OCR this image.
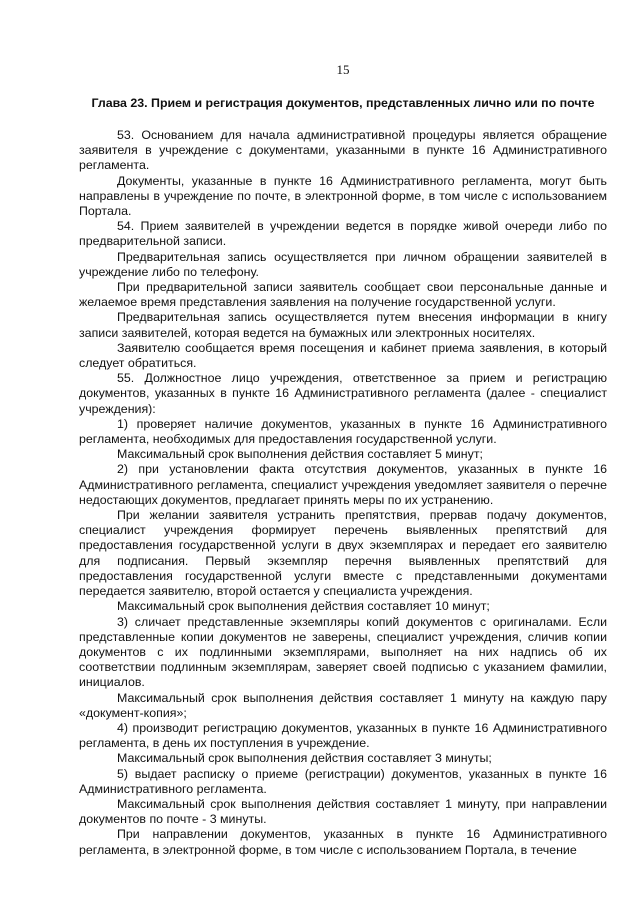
15
Глава 23. Прием и регистрация документов, представленных лично или по почте

53. Основанием для начала административной процедуры является обращение заявителя в учреждение с документами, указанными в пункте 16 Административного регламента.

Документы, указанные в пункте 16 Административного регламента, могут быть направлены в учреждение по почте, в электронной форме, в том числе с использованием Портала.

54. Прием заявителей в учреждении ведется в порядке живой очереди либо по предварительной записи.

Предварительная запись осуществляется при личном обращении заявителей в учреждение либо по телефону.

При предварительной записи заявитель сообщает свои персональные данные и желаемое время представления заявления на получение государственной услуги.

Предварительная запись осуществляется путем внесения информации в книгу записи заявителей, которая ведется на бумажных или электронных носителях.

Заявителю сообщается время посещения и кабинет приема заявления, в который следует обратиться.

55. Должностное лицо учреждения, ответственное за прием и регистрацию документов, указанных в пункте 16 Административного регламента (далее - специалист учреждения):

1) проверяет наличие документов, указанных в пункте 16 Административного регламента, необходимых для предоставления государственной услуги.

Максимальный срок выполнения действия составляет 5 минут;

2) при установлении факта отсутствия документов, указанных в пункте 16 Административного регламента, специалист учреждения уведомляет заявителя о перечне недостающих документов, предлагает принять меры по их устранению.

При желании заявителя устранить препятствия, прервав подачу документов, специалист учреждения формирует перечень выявленных препятствий для предоставления государственной услуги в двух экземплярах и передает его заявителю для подписания. Первый экземпляр перечня выявленных препятствий для предоставления государственной услуги вместе с представленными документами передается заявителю, второй остается у специалиста учреждения.

Максимальный срок выполнения действия составляет 10 минут;

3) сличает представленные экземпляры копий документов с оригиналами. Если представленные копии документов не заверены, специалист учреждения, сличив копии документов с их подлинными экземплярами, выполняет на них надпись об их соответствии подлинным экземплярам, заверяет своей подписью с указанием фамилии, инициалов.

Максимальный срок выполнения действия составляет 1 минуту на каждую пару «документ-копия»;

4) производит регистрацию документов, указанных в пункте 16 Административного регламента, в день их поступления в учреждение.

Максимальный срок выполнения действия составляет 3 минуты;

5) выдает расписку о приеме (регистрации) документов, указанных в пункте 16 Административного регламента.

Максимальный срок выполнения действия составляет 1 минуту, при направлении документов по почте - 3 минуты.

При направлении документов, указанных в пункте 16 Административного регламента, в электронной форме, в том числе с использованием Портала, в течение
